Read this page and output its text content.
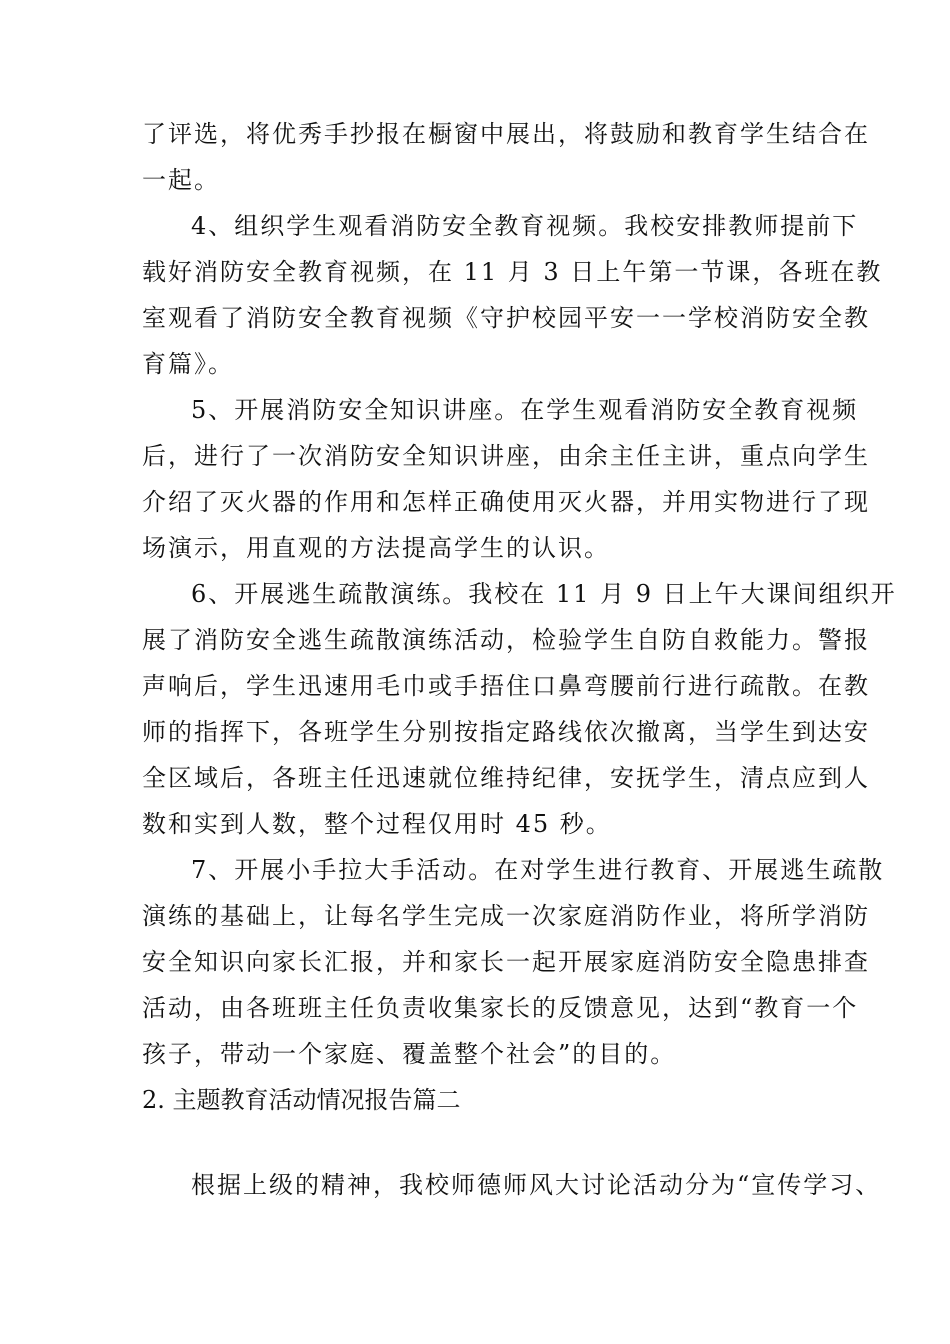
了评选，将优秀手抄报在橱窗中展出，将鼓励和教育学生结合在
一起。
4、组织学生观看消防安全教育视频。我校安排教师提前下
载好消防安全教育视频，在 11 月 3 日上午第一节课，各班在教
室观看了消防安全教育视频《守护校园平安一一学校消防安全教
育篇》。
5、开展消防安全知识讲座。在学生观看消防安全教育视频
后，进行了一次消防安全知识讲座，由余主任主讲，重点向学生
介绍了灭火器的作用和怎样正确使用灭火器，并用实物进行了现
场演示，用直观的方法提高学生的认识。
6、开展逃生疏散演练。我校在 11 月 9 日上午大课间组织开
展了消防安全逃生疏散演练活动，检验学生自防自救能力。警报
声响后，学生迅速用毛巾或手捂住口鼻弯腰前行进行疏散。在教
师的指挥下，各班学生分别按指定路线依次撤离，当学生到达安
全区域后，各班主任迅速就位维持纪律，安抚学生，清点应到人
数和实到人数，整个过程仅用时 45 秒。
7、开展小手拉大手活动。在对学生进行教育、开展逃生疏散
演练的基础上，让每名学生完成一次家庭消防作业，将所学消防
安全知识向家长汇报，并和家长一起开展家庭消防安全隐患排查
活动，由各班班主任负责收集家长的反馈意见，达到“教育一个
孩子，带动一个家庭、覆盖整个社会”的目的。
2. 主题教育活动情况报告篇二
根据上级的精神，我校师德师风大讨论活动分为“宣传学习、
